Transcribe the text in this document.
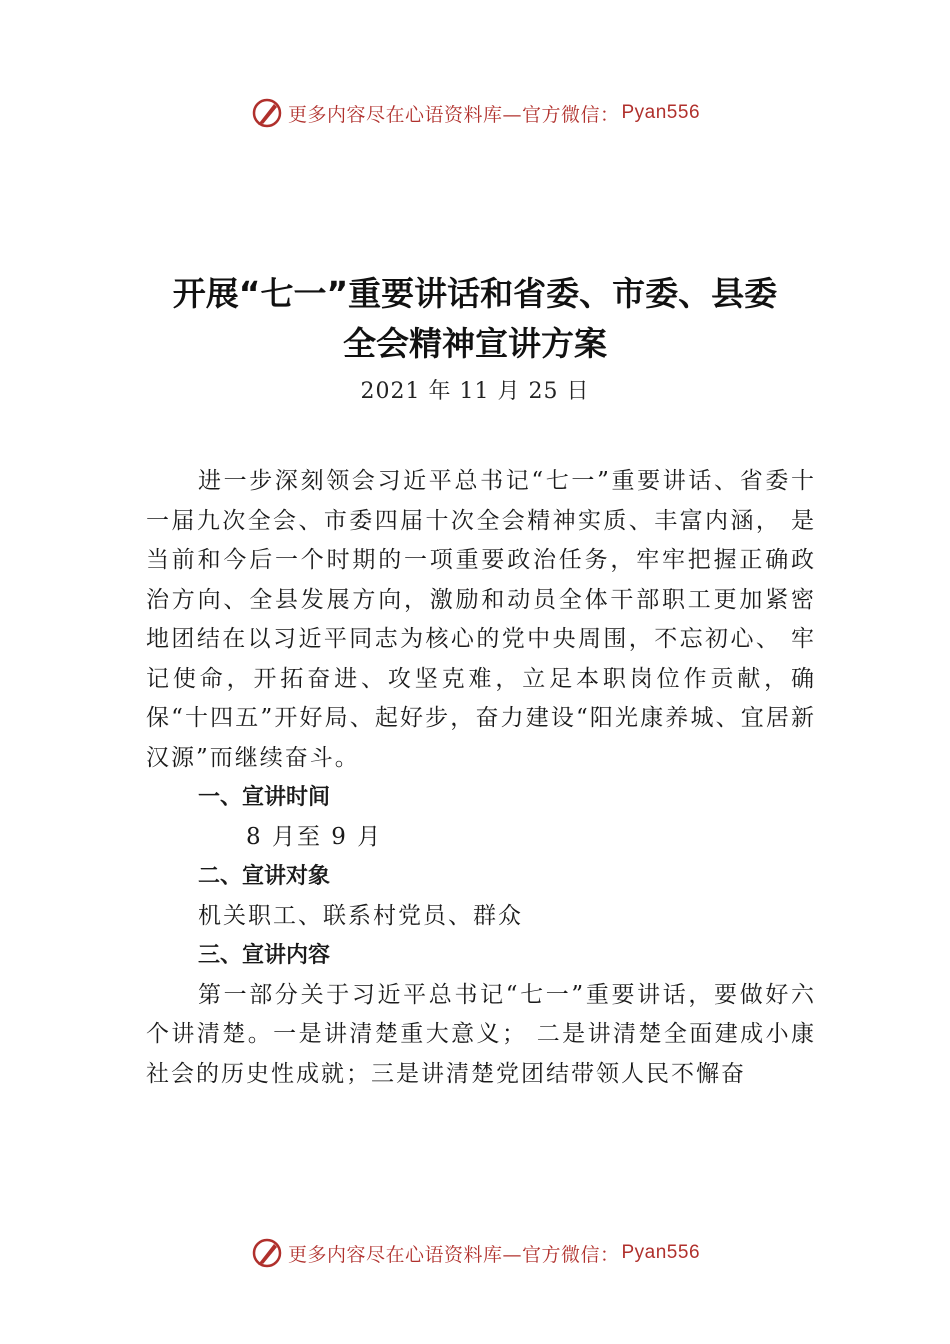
更多内容尽在心语资料库—官方微信： Pyan556
开展“七一”重要讲话和省委、市委、县委
全会精神宣讲方案
2021 年 11 月 25 日

进一步深刻领会习近平总书记“七一”重要讲话、省委十一届九次全会、市委四届十次全会精神实质、丰富内涵， 是当前和今后一个时期的一项重要政治任务，牢牢把握正确政治方向、全县发展方向，激励和动员全体干部职工更加紧密地团结在以习近平同志为核心的党中央周围，不忘初心、 牢记使命，开拓奋进、攻坚克难，立足本职岗位作贡献，确保“十四五”开好局、起好步，奋力建设“阳光康养城、宜居新汉源”而继续奋斗。

一、宣讲时间

8 月至 9 月

二、宣讲对象

机关职工、联系村党员、群众

三、宣讲内容

第一部分关于习近平总书记“七一”重要讲话，要做好六个讲清楚。一是讲清楚重大意义； 二是讲清楚全面建成小康社会的历史性成就；三是讲清楚党团结带领人民不懈奋

更多内容尽在心语资料库—官方微信： Pyan556
